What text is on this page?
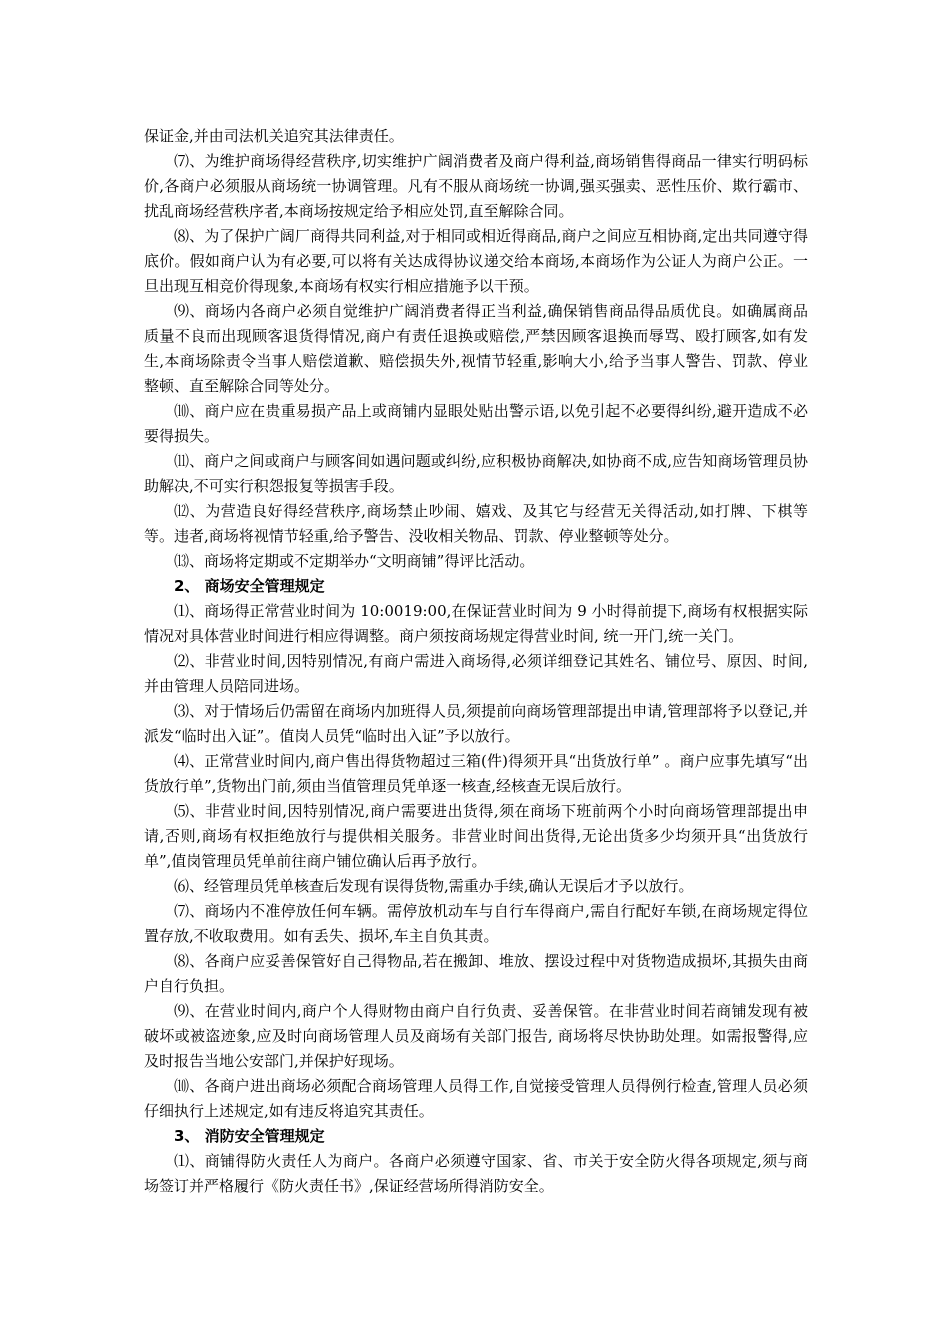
保证金,并由司法机关追究其法律责任。

⑺、为维护商场得经营秩序,切实维护广阔消费者及商户得利益,商场销售得商品一律实行明码标价,各商户必须服从商场统一协调管理。凡有不服从商场统一协调,强买强卖、恶性压价、欺行霸市、扰乱商场经营秩序者,本商场按规定给予相应处罚,直至解除合同。

⑻、为了保护广阔厂商得共同利益,对于相同或相近得商品,商户之间应互相协商,定出共同遵守得底价。假如商户认为有必要,可以将有关达成得协议递交给本商场,本商场作为公证人为商户公正。一旦出现互相竞价得现象,本商场有权实行相应措施予以干预。

⑼、商场内各商户必须自觉维护广阔消费者得正当利益,确保销售商品得品质优良。如确属商品质量不良而出现顾客退货得情况,商户有责任退换或赔偿,严禁因顾客退换而辱骂、殴打顾客,如有发生,本商场除责令当事人赔偿道歉、赔偿损失外,视情节轻重,影响大小,给予当事人警告、罚款、停业整顿、直至解除合同等处分。

⑽、商户应在贵重易损产品上或商铺内显眼处贴出警示语,以免引起不必要得纠纷,避开造成不必要得损失。

⑾、商户之间或商户与顾客间如遇问题或纠纷,应积极协商解决,如协商不成,应告知商场管理员协助解决,不可实行积怨报复等损害手段。

⑿、为营造良好得经营秩序,商场禁止吵闹、嬉戏、及其它与经营无关得活动,如打牌、下棋等等。违者,商场将视情节轻重,给予警告、没收相关物品、罚款、停业整顿等处分。

⒀、商场将定期或不定期举办“文明商铺”得评比活动。

2、 商场安全管理规定

⑴、商场得正常营业时间为 10:0019:00,在保证营业时间为 9 小时得前提下,商场有权根据实际情况对具体营业时间进行相应得调整。商户须按商场规定得营业时间, 统一开门,统一关门。

⑵、非营业时间,因特别情况,有商户需进入商场得,必须详细登记其姓名、铺位号、原因、时间,并由管理人员陪同进场。

⑶、对于情场后仍需留在商场内加班得人员,须提前向商场管理部提出申请,管理部将予以登记,并派发“临时出入证”。值岗人员凭“临时出入证”予以放行。

⑷、正常营业时间内,商户售出得货物超过三箱(件)得须开具“出货放行单” 。商户应事先填写“出货放行单”,货物出门前,须由当值管理员凭单逐一核查,经核查无误后放行。

⑸、非营业时间,因特别情况,商户需要进出货得,须在商场下班前两个小时向商场管理部提出申请,否则,商场有权拒绝放行与提供相关服务。非营业时间出货得,无论出货多少均须开具“出货放行单”,值岗管理员凭单前往商户铺位确认后再予放行。

⑹、经管理员凭单核查后发现有误得货物,需重办手续,确认无误后才予以放行。

⑺、商场内不准停放任何车辆。需停放机动车与自行车得商户,需自行配好车锁,在商场规定得位置存放,不收取费用。如有丢失、损坏,车主自负其责。

⑻、各商户应妥善保管好自己得物品,若在搬卸、堆放、摆设过程中对货物造成损坏,其损失由商户自行负担。

⑼、在营业时间内,商户个人得财物由商户自行负责、妥善保管。在非营业时间若商铺发现有被破坏或被盗迹象,应及时向商场管理人员及商场有关部门报告, 商场将尽快协助处理。如需报警得,应及时报告当地公安部门,并保护好现场。

⑽、各商户进出商场必须配合商场管理人员得工作,自觉接受管理人员得例行检查,管理人员必须仔细执行上述规定,如有违反将追究其责任。

3、 消防安全管理规定

⑴、商铺得防火责任人为商户。各商户必须遵守国家、省、市关于安全防火得各项规定,须与商场签订并严格履行《防火责任书》,保证经营场所得消防安全。
